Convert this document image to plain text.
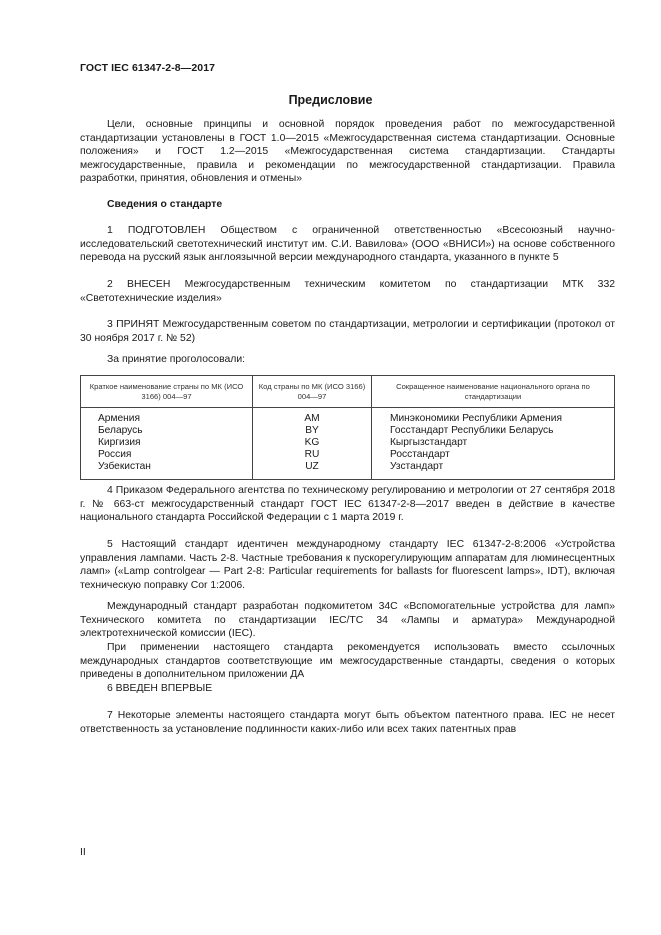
ГОСТ IEC 61347-2-8—2017
Предисловие

Цели, основные принципы и основной порядок проведения работ по межгосударственной стандартизации установлены в ГОСТ 1.0—2015 «Межгосударственная система стандартизации. Основные положения» и ГОСТ 1.2—2015 «Межгосударственная система стандартизации. Стандарты межгосударственные, правила и рекомендации по межгосударственной стандартизации. Правила разработки, принятия, обновления и отмены»

Сведения о стандарте

1 ПОДГОТОВЛЕН Обществом с ограниченной ответственностью «Всесоюзный научно-исследовательский светотехнический институт им. С.И. Вавилова» (ООО «ВНИСИ») на основе собственного перевода на русский язык англоязычной версии международного стандарта, указанного в пункте 5

2 ВНЕСЕН Межгосударственным техническим комитетом по стандартизации МТК 332 «Светотехнические изделия»

3 ПРИНЯТ Межгосударственным советом по стандартизации, метрологии и сертификации (протокол от 30 ноября 2017 г. № 52)

За принятие проголосовали:
Краткое наименование страны по МК (ИСО 3166) 004—97	Код страны по МК (ИСО 3166) 004—97	Сокращенное наименование национального органа по стандартизации
Армения	AM	Минэкономики Республики Армения
Беларусь	BY	Госстандарт Республики Беларусь
Киргизия	KG	Кыргызстандарт
Россия	RU	Росстандарт
Узбекистан	UZ	Узстандарт

4 Приказом Федерального агентства по техническому регулированию и метрологии от 27 сентября 2018 г. № 663-ст межгосударственный стандарт ГОСТ IEC 61347-2-8—2017 введен в действие в качестве национального стандарта Российской Федерации с 1 марта 2019 г.

5 Настоящий стандарт идентичен международному стандарту IEC 61347-2-8:2006 «Устройства управления лампами. Часть 2-8. Частные требования к пускорегулирующим аппаратам для люминесцентных ламп» («Lamp controlgear — Part 2-8: Particular requirements for ballasts for fluorescent lamps», IDT), включая техническую поправку Cor 1:2006.

Международный стандарт разработан подкомитетом 34С «Вспомогательные устройства для ламп» Технического комитета по стандартизации IEC/TC 34 «Лампы и арматура» Международной электротехнической комиссии (IEC).

При применении настоящего стандарта рекомендуется использовать вместо ссылочных международных стандартов соответствующие им межгосударственные стандарты, сведения о которых приведены в дополнительном приложении ДА

6 ВВЕДЕН ВПЕРВЫЕ

7 Некоторые элементы настоящего стандарта могут быть объектом патентного права. IEC не несет ответственность за установление подлинности каких-либо или всех таких патентных прав

II
